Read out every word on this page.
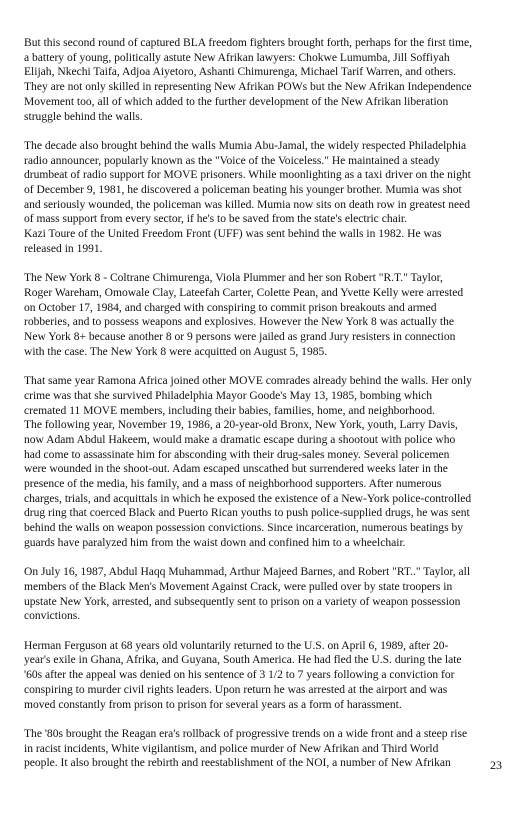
But this second round of captured BLA freedom fighters brought forth, perhaps for the first time,
a battery of young, politically astute New Afrikan lawyers: Chokwe Lumumba, Jill Soffiyah
Elijah, Nkechi Taifa, Adjoa Aiyetoro, Ashanti Chimurenga, Michael Tarif Warren, and others.
They are not only skilled in representing New Afrikan POWs but the New Afrikan Independence
Movement too, all of which added to the further development of the New Afrikan liberation
struggle behind the walls.

The decade also brought behind the walls Mumia Abu-Jamal, the widely respected Philadelphia
radio announcer, popularly known as the "Voice of the Voiceless." He maintained a steady
drumbeat of radio support for MOVE prisoners. While moonlighting as a taxi driver on the night
of December 9, 1981, he discovered a policeman beating his younger brother. Mumia was shot
and seriously wounded, the policeman was killed. Mumia now sits on death row in greatest need
of mass support from every sector, if he's to be saved from the state's electric chair.
Kazi Toure of the United Freedom Front (UFF) was sent behind the walls in 1982. He was
released in 1991.

The New York 8 - Coltrane Chimurenga, Viola Plummer and her son Robert "R.T." Taylor,
Roger Wareham, Omowale Clay, Lateefah Carter, Colette Pean, and Yvette Kelly were arrested
on October 17, 1984, and charged with conspiring to commit prison breakouts and armed
robberies, and to possess weapons and explosives. However the New York 8 was actually the
New York 8+ because another 8 or 9 persons were jailed as grand Jury resisters in connection
with the case. The New York 8 were acquitted on August 5, 1985.

That same year Ramona Africa joined other MOVE comrades already behind the walls. Her only
crime was that she survived Philadelphia Mayor Goode's May 13, 1985, bombing which
cremated 11 MOVE members, including their babies, families, home, and neighborhood.
The following year, November 19, 1986, a 20-year-old Bronx, New York, youth, Larry Davis,
now Adam Abdul Hakeem, would make a dramatic escape during a shootout with police who
had come to assassinate him for absconding with their drug-sales money. Several policemen
were wounded in the shoot-out. Adam escaped unscathed but surrendered weeks later in the
presence of the media, his family, and a mass of neighborhood supporters. After numerous
charges, trials, and acquittals in which he exposed the existence of a New-York police-controlled
drug ring that coerced Black and Puerto Rican youths to push police-supplied drugs, he was sent
behind the walls on weapon possession convictions. Since incarceration, numerous beatings by
guards have paralyzed him from the waist down and confined him to a wheelchair.

On July 16, 1987, Abdul Haqq Muhammad, Arthur Majeed Barnes, and Robert "RT.." Taylor, all
members of the Black Men's Movement Against Crack, were pulled over by state troopers in
upstate New York, arrested, and subsequently sent to prison on a variety of weapon possession
convictions.

Herman Ferguson at 68 years old voluntarily returned to the U.S. on April 6, 1989, after 20-
year's exile in Ghana, Afrika, and Guyana, South America. He had fled the U.S. during the late
'60s after the appeal was denied on his sentence of 3 1/2 to 7 years following a conviction for
conspiring to murder civil rights leaders. Upon return he was arrested at the airport and was
moved constantly from prison to prison for several years as a form of harassment.

The '80s brought the Reagan era's rollback of progressive trends on a wide front and a steep rise
in racist incidents, White vigilantism, and police murder of New Afrikan and Third World
people. It also brought the rebirth and reestablishment of the NOI, a number of New Afrikan	23
